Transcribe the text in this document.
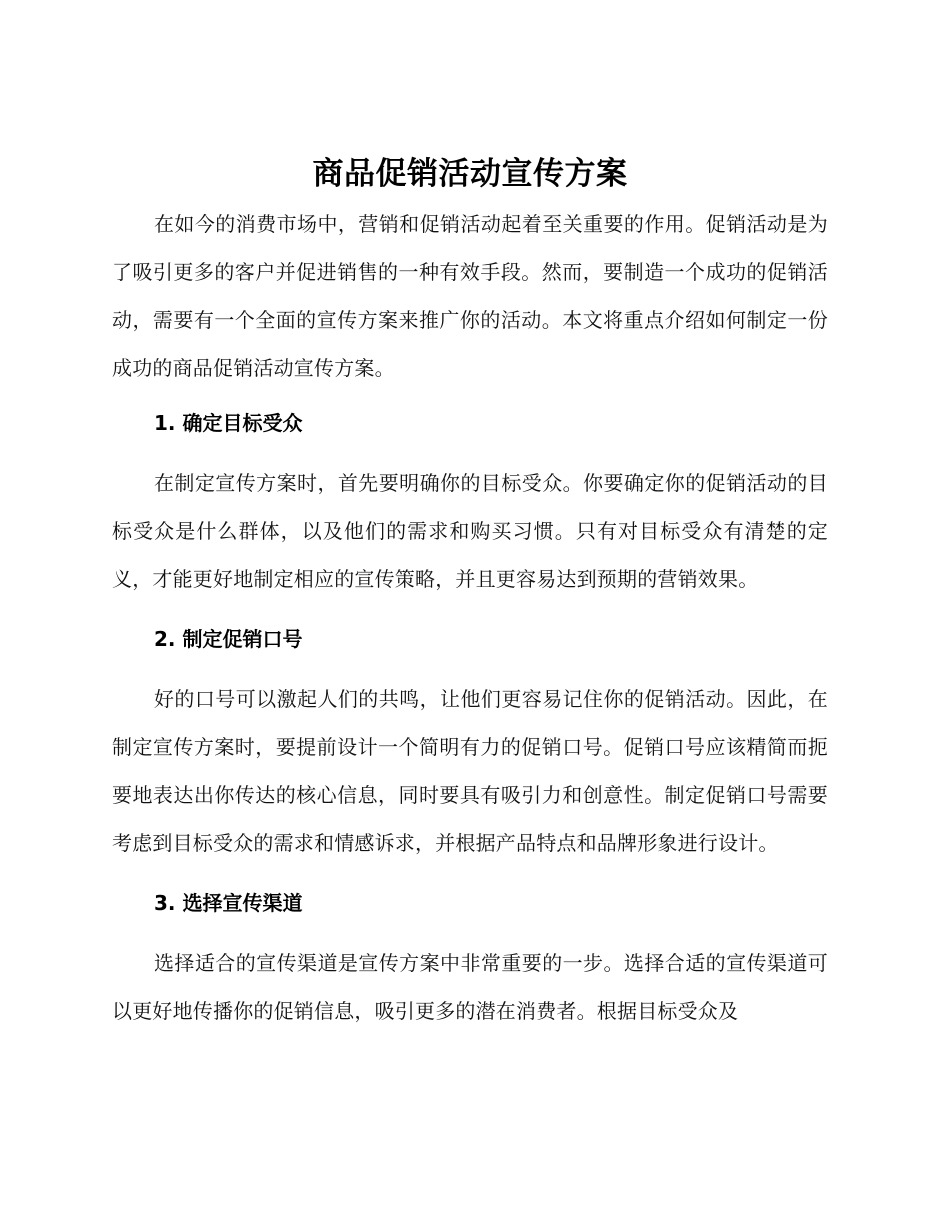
商品促销活动宣传方案

在如今的消费市场中，营销和促销活动起着至关重要的作用。促销活动是为了吸引更多的客户并促进销售的一种有效手段。然而，要制造一个成功的促销活动，需要有一个全面的宣传方案来推广你的活动。本文将重点介绍如何制定一份成功的商品促销活动宣传方案。

1. 确定目标受众

在制定宣传方案时，首先要明确你的目标受众。你要确定你的促销活动的目标受众是什么群体，以及他们的需求和购买习惯。只有对目标受众有清楚的定义，才能更好地制定相应的宣传策略，并且更容易达到预期的营销效果。

2. 制定促销口号

好的口号可以激起人们的共鸣，让他们更容易记住你的促销活动。因此，在制定宣传方案时，要提前设计一个简明有力的促销口号。促销口号应该精简而扼要地表达出你传达的核心信息，同时要具有吸引力和创意性。制定促销口号需要考虑到目标受众的需求和情感诉求，并根据产品特点和品牌形象进行设计。

3. 选择宣传渠道

选择适合的宣传渠道是宣传方案中非常重要的一步。选择合适的宣传渠道可以更好地传播你的促销信息，吸引更多的潜在消费者。根据目标受众及
